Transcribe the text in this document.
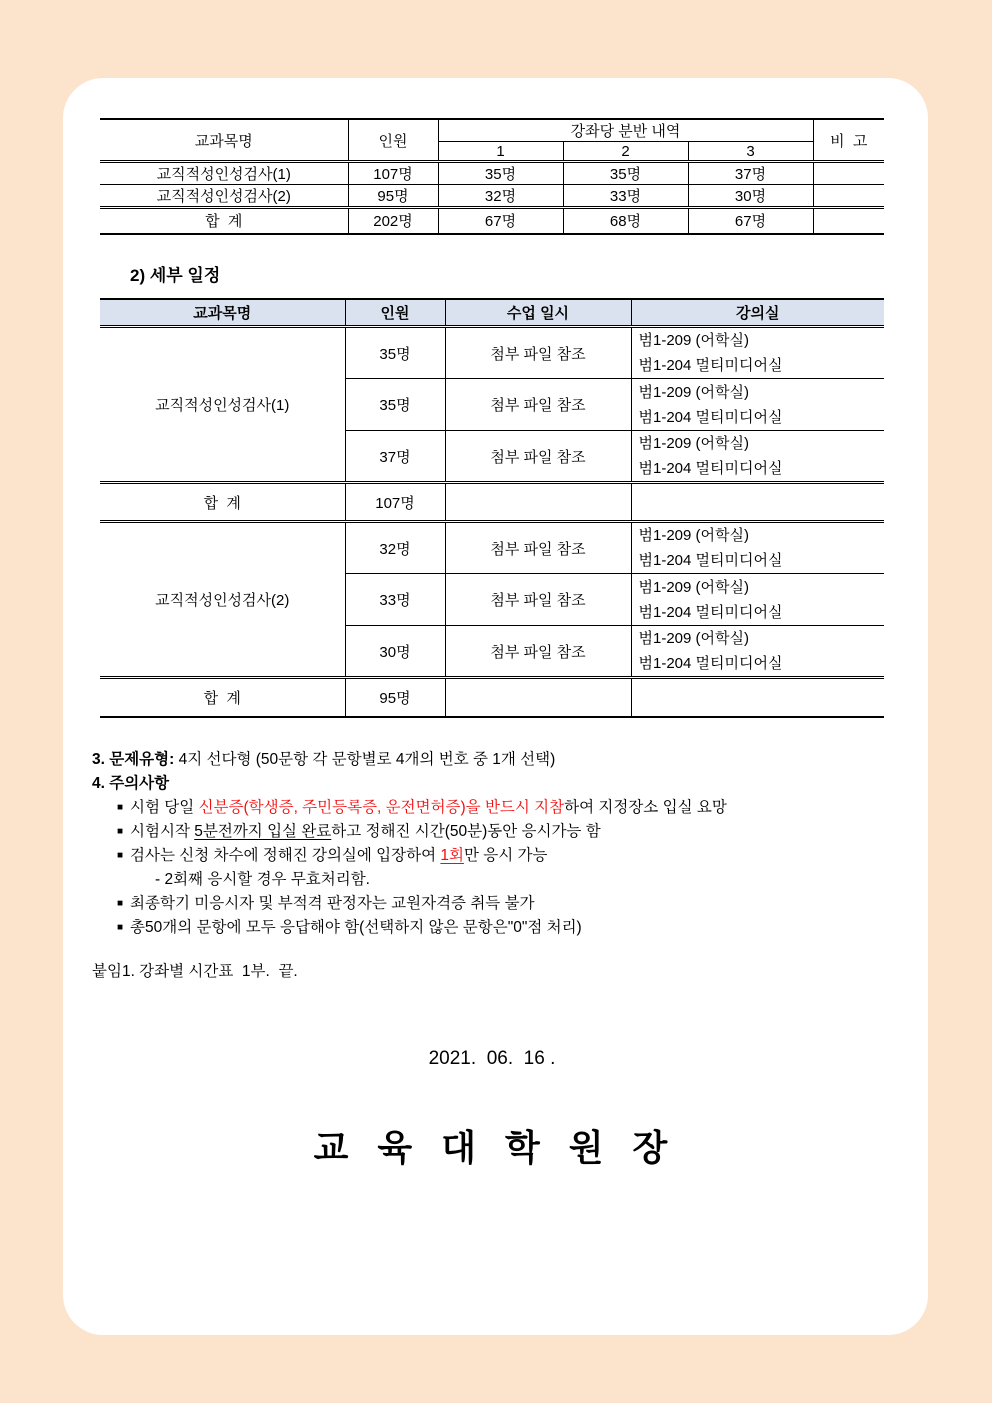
교과목명	인원	강좌당 분반 내역			비  고
		1	2	3	
교직적성인성검사(1)	107명	35명	35명	37명	
교직적성인성검사(2)	95명	32명	33명	30명	
합  계	202명	67명	68명	67명	
2) 세부 일정
교과목명	인원	수업 일시	강의실
교직적성인성검사(1)	35명	첨부 파일 참조	범1-209 (어학실)
범1-204 멀티미디어실

	35명	첨부 파일 참조	범1-209 (어학실)
범1-204 멀티미디어실

	37명	첨부 파일 참조	범1-209 (어학실)
범1-204 멀티미디어실

합  계	107명		
교직적성인성검사(2)	32명	첨부 파일 참조	범1-209 (어학실)
범1-204 멀티미디어실

	33명	첨부 파일 참조	범1-209 (어학실)
범1-204 멀티미디어실

	30명	첨부 파일 참조	범1-209 (어학실)
범1-204 멀티미디어실

합  계	95명		
3. 문제유형: 4지 선다형 (50문항 각 문항별로 4개의 번호 중 1개 선택)
4. 주의사항
■ 시험 당일 신분증(학생증, 주민등록증, 운전면허증)을 반드시 지참하여 지정장소 입실 요망
■ 시험시작 5분전까지 입실 완료하고 정해진 시간(50분)동안 응시가능 함
■ 검사는 신청 차수에 정해진 강의실에 입장하여 1회만 응시 가능
- 2회째 응시할 경우 무효처리함.
■ 최종학기 미응시자 및 부적격 판정자는 교원자격증 취득 불가
■ 총50개의 문항에 모두 응답해야 함(선택하지 않은 문항은"0"점 처리)
붙임1. 강좌별 시간표  1부.  끝.
2021.  06.  16 .
교  육  대  학  원  장
